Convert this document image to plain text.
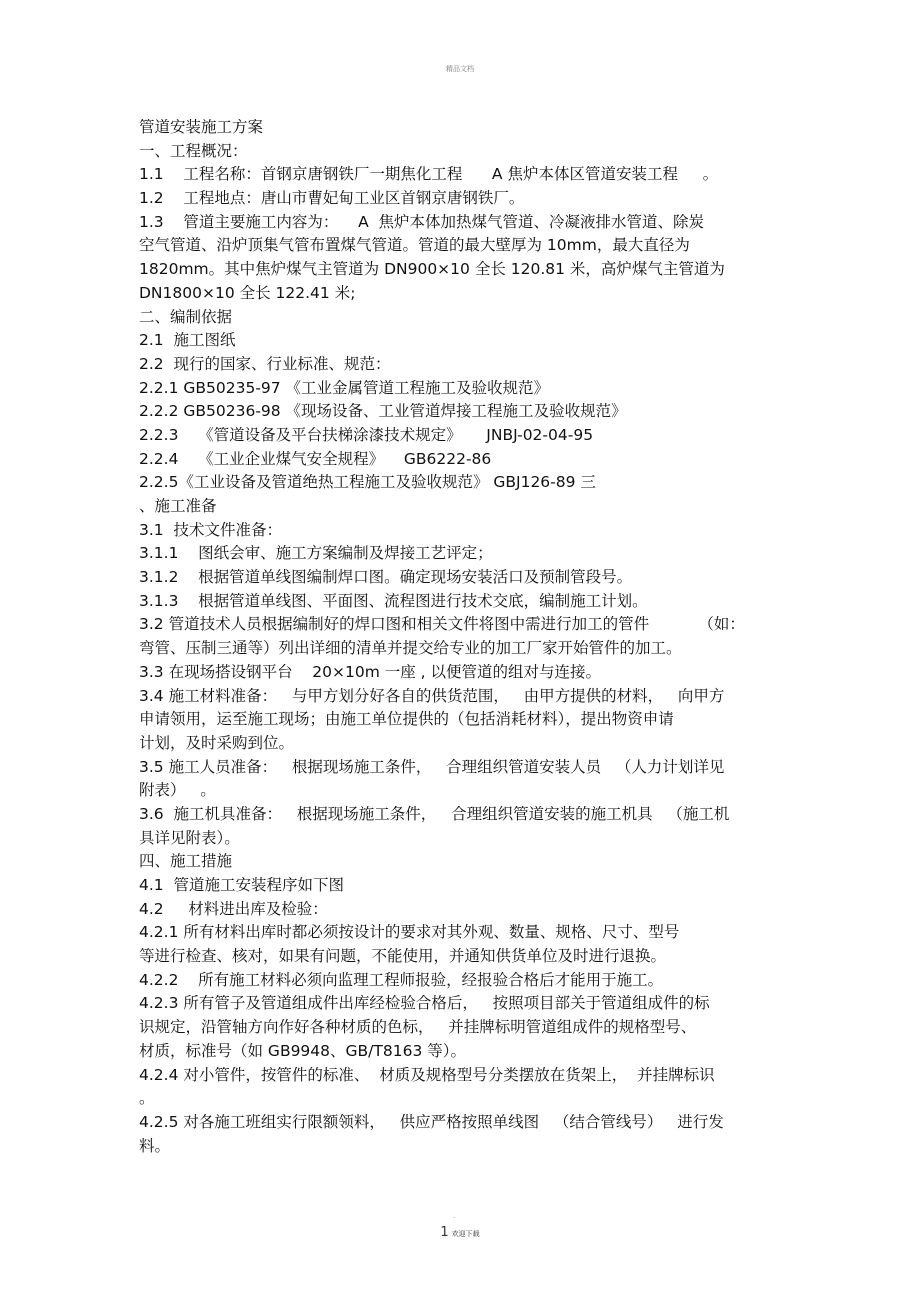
精品文档
管道安装施工方案
一、工程概况：
1.1    工程名称：首钢京唐钢铁厂一期焦化工程      A 焦炉本体区管道安装工程     。
1.2    工程地点：唐山市曹妃甸工业区首钢京唐钢铁厂。
1.3    管道主要施工内容为：    A  焦炉本体加热煤气管道、冷凝液排水管道、除炭
空气管道、沿炉顶集气管布置煤气管道。管道的最大壁厚为 10mm，最大直径为
1820mm。其中焦炉煤气主管道为 DN900×10 全长 120.81 米，高炉煤气主管道为
DN1800×10 全长 122.41 米;
二、编制依据
2.1  施工图纸
2.2  现行的国家、行业标准、规范：
2.2.1 GB50235-97 《工业金属管道工程施工及验收规范》
2.2.2 GB50236-98 《现场设备、工业管道焊接工程施工及验收规范》
2.2.3    《管道设备及平台扶梯涂漆技术规定》     JNBJ-02-04-95
2.2.4    《工业企业煤气安全规程》    GB6222-86
2.2.5《工业设备及管道绝热工程施工及验收规范》 GBJ126-89 三
、施工准备
3.1  技术文件准备：
3.1.1    图纸会审、施工方案编制及焊接工艺评定；
3.1.2    根据管道单线图编制焊口图。确定现场安装活口及预制管段号。
3.1.3    根据管道单线图、平面图、流程图进行技术交底，编制施工计划。
3.2 管道技术人员根据编制好的焊口图和相关文件将图中需进行加工的管件          （如：
弯管、压制三通等）列出详细的清单并提交给专业的加工厂家开始管件的加工。
3.3 在现场搭设钢平台    20×10m 一座 , 以便管道的组对与连接。
3.4 施工材料准备：   与甲方划分好各自的供货范围，   由甲方提供的材料，   向甲方
申请领用，运至施工现场；由施工单位提供的（包括消耗材料），提出物资申请
计划，及时采购到位。
3.5 施工人员准备：   根据现场施工条件，   合理组织管道安装人员   （人力计划详见
附表）   。
3.6  施工机具准备：   根据现场施工条件，   合理组织管道安装的施工机具   （施工机
具详见附表）。
四、施工措施
4.1  管道施工安装程序如下图
4.2     材料进出库及检验：
4.2.1 所有材料出库时都必须按设计的要求对其外观、数量、规格、尺寸、型号
等进行检查、核对，如果有问题，不能使用，并通知供货单位及时进行退换。
4.2.2    所有施工材料必须向监理工程师报验，经报验合格后才能用于施工。
4.2.3 所有管子及管道组成件出库经检验合格后，   按照项目部关于管道组成件的标
识规定，沿管轴方向作好各种材质的色标，   并挂牌标明管道组成件的规格型号、
材质，标准号（如 GB9948、GB/T8163 等）。
4.2.4 对小管件，按管件的标准、  材质及规格型号分类摆放在货架上，  并挂牌标识
。
4.2.5 对各施工班组实行限额领料，   供应严格按照单线图   （结合管线号）   进行发
料。
.
1 欢迎下载
